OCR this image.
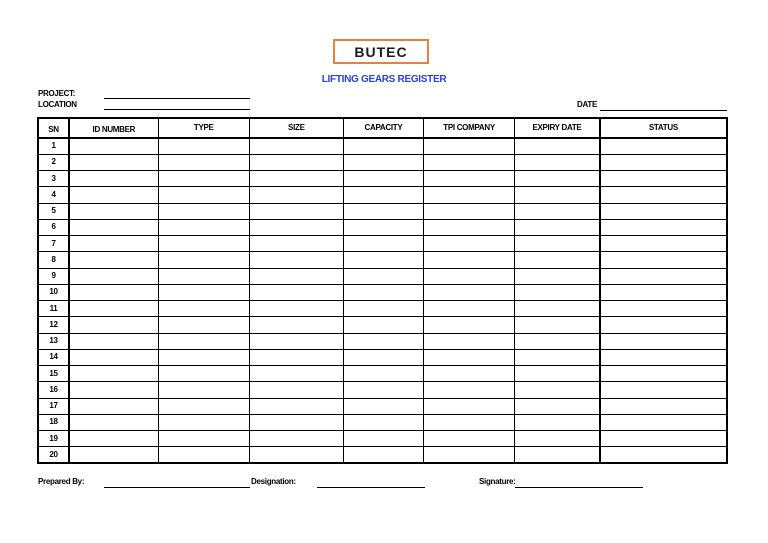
BUTEC
LIFTING GEARS REGISTER
PROJECT:
LOCATION	DATE
SN	ID NUMBER	TYPE	SIZE	CAPACITY	TPI COMPANY	EXPIRY DATE	STATUS
1							
2							
3							
4							
5							
6							
7							
8							
9							
10							
11							
12							
13							
14							
15							
16							
17							
18							
19							
20							
Prepared By:	Designation:	Signature:
